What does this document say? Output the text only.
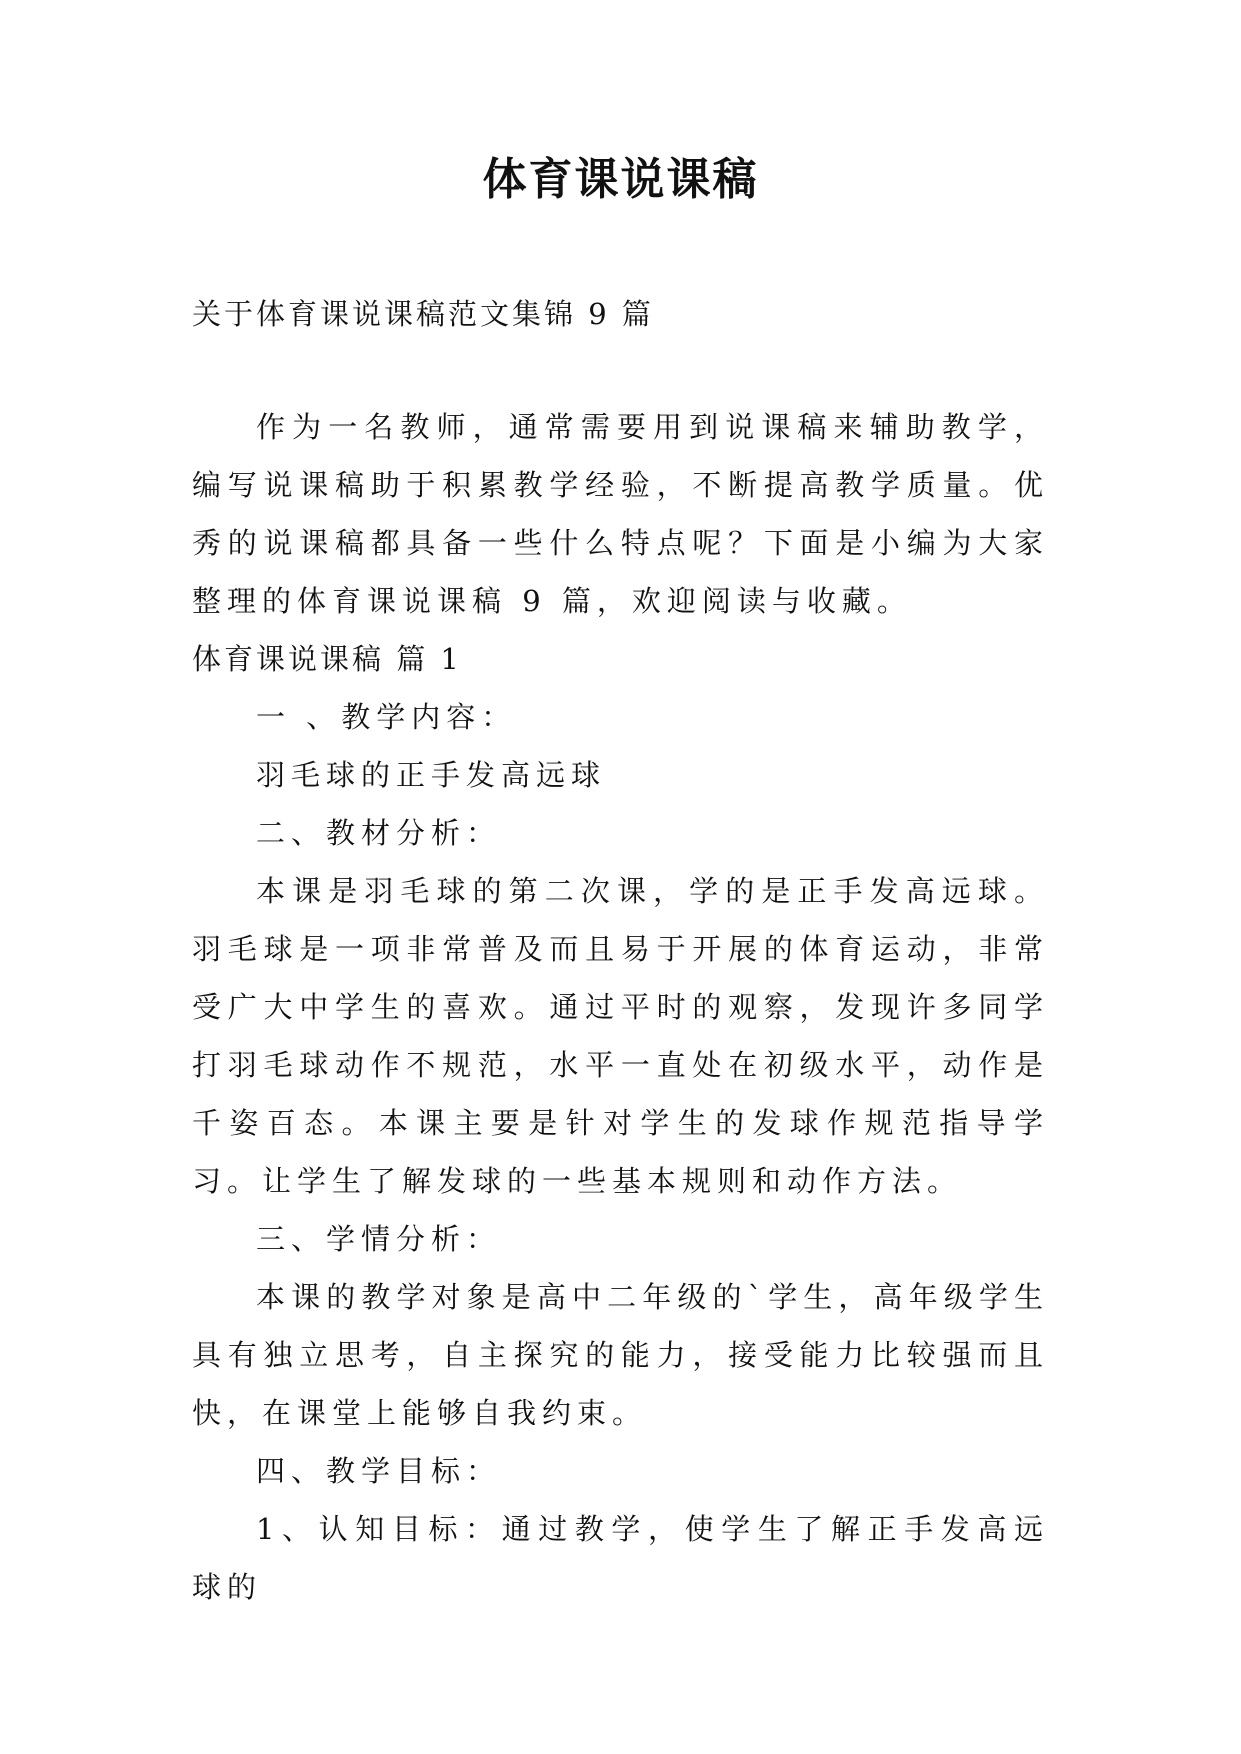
体育课说课稿
关于体育课说课稿范文集锦 9 篇

作为一名教师，通常需要用到说课稿来辅助教学，编写说课稿助于积累教学经验，不断提高教学质量。优秀的说课稿都具备一些什么特点呢？下面是小编为大家整理的体育课说课稿 9 篇，欢迎阅读与收藏。

体育课说课稿 篇 1

一 、教学内容：

羽毛球的正手发高远球

二、教材分析：

本课是羽毛球的第二次课，学的是正手发高远球。羽毛球是一项非常普及而且易于开展的体育运动，非常受广大中学生的喜欢。通过平时的观察，发现许多同学打羽毛球动作不规范，水平一直处在初级水平，动作是千姿百态。本课主要是针对学生的发球作规范指导学习。让学生了解发球的一些基本规则和动作方法。

三、学情分析：

本课的教学对象是高中二年级的`学生，高年级学生具有独立思考，自主探究的能力，接受能力比较强而且快，在课堂上能够自我约束。

四、教学目标：

1、认知目标：通过教学，使学生了解正手发高远球的
